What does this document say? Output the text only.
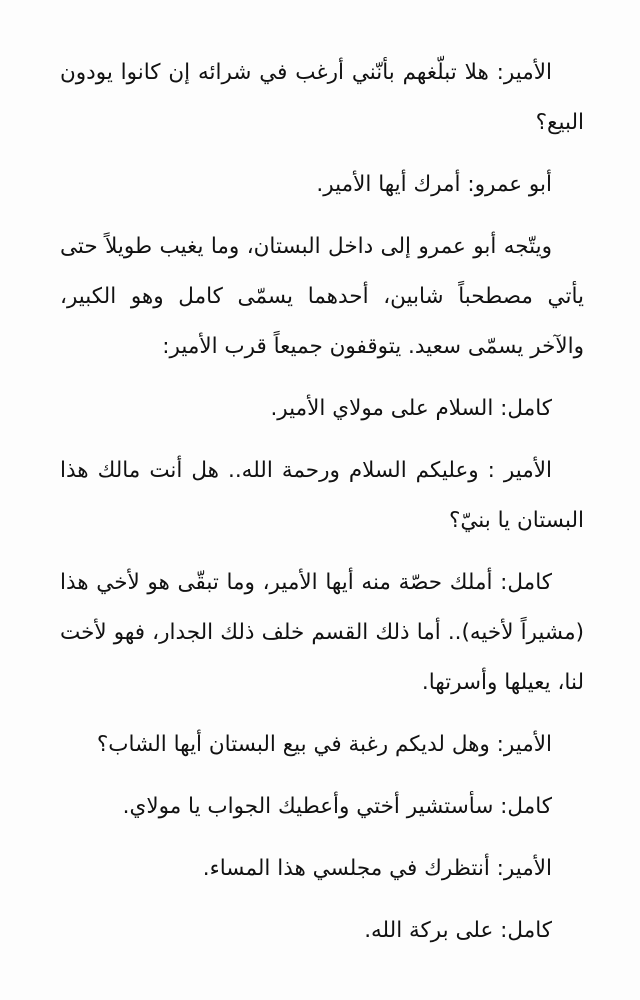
الأمير: هلا تبلّغهم بأنّني أرغب في شرائه إن كانوا يودون البيع؟

أبو عمرو: أمرك أيها الأمير.

ويتّجه أبو عمرو إلى داخل البستان، وما يغيب طويلاً حتى يأتي مصطحباً شابين، أحدهما يسمّى كامل وهو الكبير، والآخر يسمّى سعيد. يتوقفون جميعاً قرب الأمير:

كامل: السلام على مولاي الأمير.

الأمير : وعليكم السلام ورحمة الله.. هل أنت مالك هذا البستان يا بنيّ؟

كامل: أملك حصّة منه أيها الأمير، وما تبقّى هو لأخي هذا (مشيراً لأخيه).. أما ذلك القسم خلف ذلك الجدار، فهو لأخت لنا، يعيلها وأسرتها.

الأمير: وهل لديكم رغبة في بيع البستان أيها الشاب؟

كامل: سأستشير أختي وأعطيك الجواب يا مولاي.

الأمير: أنتظرك في مجلسي هذا المساء.

كامل: على بركة الله.
